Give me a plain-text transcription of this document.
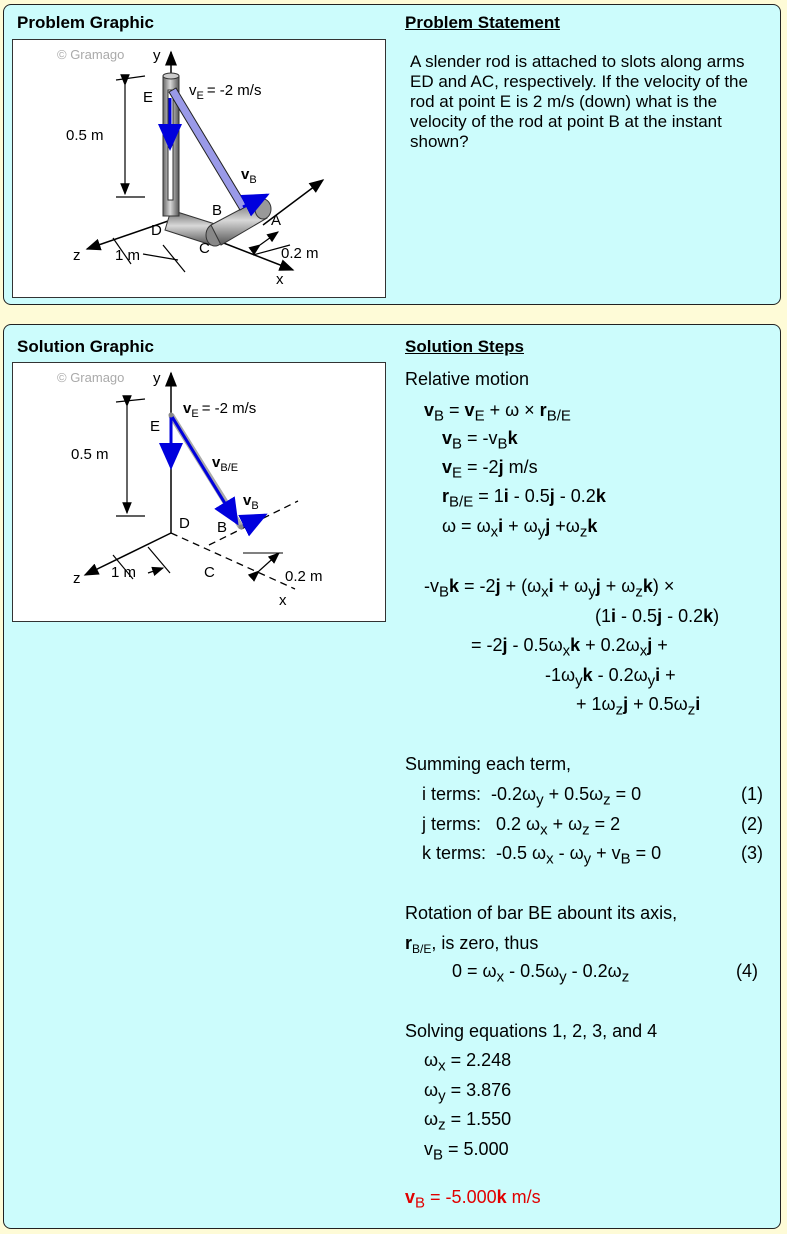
Problem Graphic	Problem Statement
© Gramago y
z
x
E
D
B
A
C
$v_E = -2$ m/s
$v_B$
0.5 m
1 m	0.2 m
A slender rod is attached to slots along arms ED and AC, respectively. If the velocity of the rod at point E is 2 m/s (down) what is the velocity of the rod at point B at the instant shown?
Solution Graphic	Solution Steps
© Gramago y
z
x
E
D B
C
$v_E = -2$ m/s
$v_{B/E}$
$v_B$
0.5 m
1 m	0.2 m
Relative motion
$v_B = v_E + \omega \times r_{B/E}$
$v_B = -v_Bk$
$v_E = -2j$ m/s
$r_{B/E} = 1i - 0.5j - 0.2k$
$\omega = \omega_xi + \omega_yj +\omega_zk$
$-v_Bk = -2j + (\omega_xi + \omega_yj + \omega_zk)$ ×
(1i - 0.5j - 0.2k)
= $-2j - 0.5\omega_xk + 0.2\omega_xj$ +
$-1\omega_yk - 0.2\omega_yi$ +
+ $1\omega_zj + 0.5\omega_zi$
Summing each term,
i terms:  $-0.2\omega_y + 0.5\omega_z = 0$	(1)
j terms:   0.2 $\omega_x + \omega_z = 2$	(2)
k terms:  -0.5 $\omega_x - \omega_y + v_B = 0$	(3)
Rotation of bar BE abount its axis,
$r_{B/E}$, is zero, thus
$0 = \omega_x - 0.5\omega_y - 0.2\omega_z$	(4)
Solving equations 1, 2, 3, and 4
$\omega_x = 2.248$
$\omega_y = 3.876$
$\omega_z = 1.550$
$v_B = 5.000$
$v_B = -5.000k$ m/s
